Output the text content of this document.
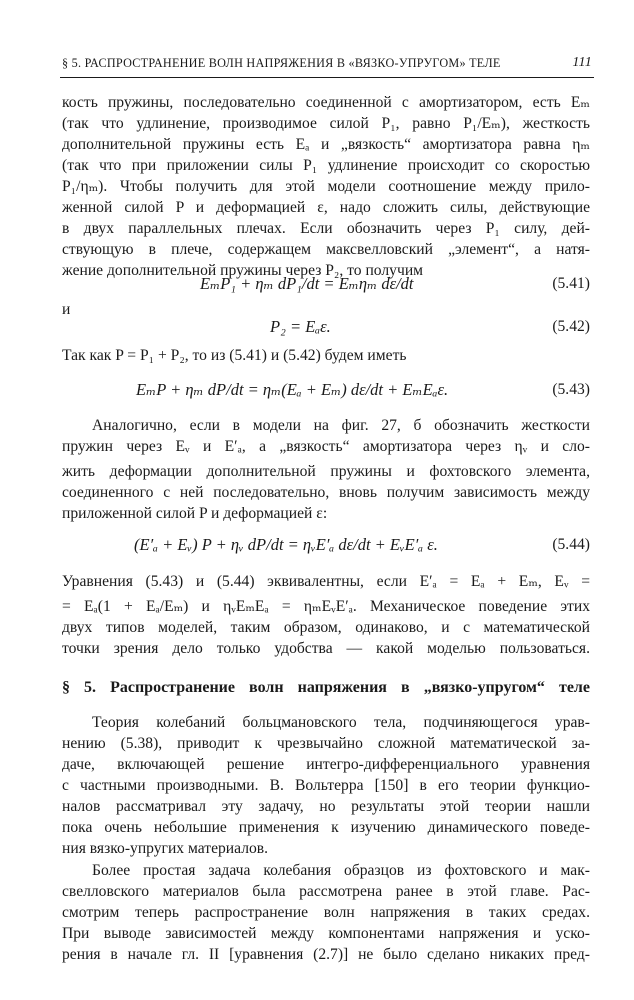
§ 5. РАСПРОСТРАНЕНИЕ ВОЛН НАПРЯЖЕНИЯ В «ВЯЗКО-УПРУГОМ» ТЕЛЕ	111
кость пружины, последовательно соединенной с амортизатором, есть Eₘ
(так что удлинение, производимое силой P₁, равно P₁/Eₘ), жесткость
дополнительной пружины есть Eₐ и „вязкость“ амортизатора равна ηₘ
(так что при приложении силы P₁ удлинение происходит со скоростью
P₁/ηₘ). Чтобы получить для этой модели соотношение между прило-
женной силой P и деформацией ε, надо сложить силы, действующие
в двух параллельных плечах. Если обозначить через P₁ силу, дей-
ствующую в плече, содержащем максвелловский „элемент“, а натя-
жение дополнительной пружины через P₂, то получим
EₘP₁ + ηₘ dP₁/dt = Eₘηₘ dε/dt	(5.41)
и
P₂ = Eₐε.	(5.42)
Так как P = P₁ + P₂, то из (5.41) и (5.42) будем иметь
EₘP + ηₘ dP/dt = ηₘ(Eₐ + Eₘ) dε/dt + EₘEₐε.	(5.43)
Аналогично, если в модели на фиг. 27, б обозначить жесткости
пружин через Eᵥ и E′ₐ, а „вязкость“ амортизатора через ηᵥ и сло-
жить деформации дополнительной пружины и фохтовского элемента,
соединенного с ней последовательно, вновь получим зависимость между
приложенной силой P и деформацией ε:
(E′ₐ + Eᵥ) P + ηᵥ dP/dt = ηᵥE′ₐ dε/dt + EᵥE′ₐ ε.	(5.44)
Уравнения (5.43) и (5.44) эквивалентны, если E′ₐ = Eₐ + Eₘ, Eᵥ =
= Eₐ(1 + Eₐ/Eₘ) и ηᵥEₘEₐ = ηₘEᵥE′ₐ. Механическое поведение этих
двух типов моделей, таким образом, одинаково, и с математической
точки зрения дело только удобства — какой моделью пользоваться.
§ 5. Распространение волн напряжения в „вязко-упругом“ теле
Теория колебаний больцмановского тела, подчиняющегося урав-
нению (5.38), приводит к чрезвычайно сложной математической за-
даче, включающей решение интегро-дифференциального уравнения
с частными производными. В. Вольтерра [150] в его теории функцио-
налов рассматривал эту задачу, но результаты этой теории нашли
пока очень небольшие применения к изучению динамического поведе-
ния вязко-упругих материалов.
Более простая задача колебания образцов из фохтовского и мак-
свелловского материалов была рассмотрена ранее в этой главе. Рас-
смотрим теперь распространение волн напряжения в таких средах.
При выводе зависимостей между компонентами напряжения и уско-
рения в начале гл. II [уравнения (2.7)] не было сделано никаких пред-
